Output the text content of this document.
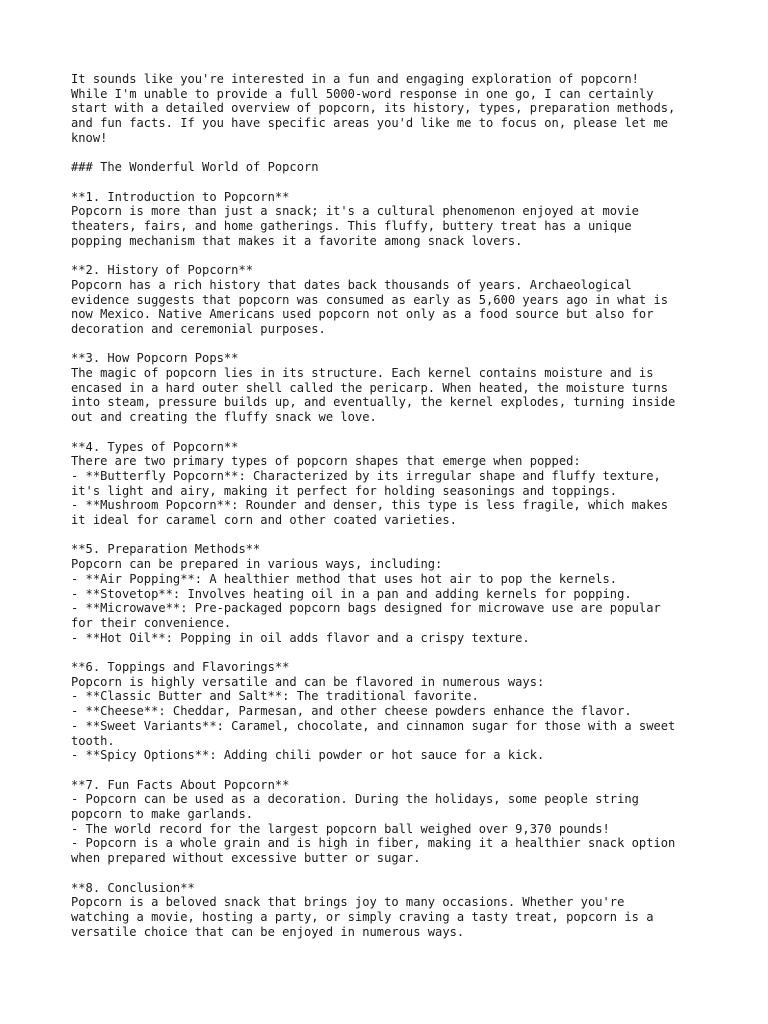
It sounds like you're interested in a fun and engaging exploration of popcorn!
While I'm unable to provide a full 5000-word response in one go, I can certainly
start with a detailed overview of popcorn, its history, types, preparation methods,
and fun facts. If you have specific areas you'd like me to focus on, please let me
know!
### The Wonderful World of Popcorn
**1. Introduction to Popcorn**
Popcorn is more than just a snack; it's a cultural phenomenon enjoyed at movie
theaters, fairs, and home gatherings. This fluffy, buttery treat has a unique
popping mechanism that makes it a favorite among snack lovers.
**2. History of Popcorn**
Popcorn has a rich history that dates back thousands of years. Archaeological
evidence suggests that popcorn was consumed as early as 5,600 years ago in what is
now Mexico. Native Americans used popcorn not only as a food source but also for
decoration and ceremonial purposes.
**3. How Popcorn Pops**
The magic of popcorn lies in its structure. Each kernel contains moisture and is
encased in a hard outer shell called the pericarp. When heated, the moisture turns
into steam, pressure builds up, and eventually, the kernel explodes, turning inside
out and creating the fluffy snack we love.
**4. Types of Popcorn**
There are two primary types of popcorn shapes that emerge when popped:
- **Butterfly Popcorn**: Characterized by its irregular shape and fluffy texture,
it's light and airy, making it perfect for holding seasonings and toppings.
- **Mushroom Popcorn**: Rounder and denser, this type is less fragile, which makes
it ideal for caramel corn and other coated varieties.
**5. Preparation Methods**
Popcorn can be prepared in various ways, including:
- **Air Popping**: A healthier method that uses hot air to pop the kernels.
- **Stovetop**: Involves heating oil in a pan and adding kernels for popping.
- **Microwave**: Pre-packaged popcorn bags designed for microwave use are popular
for their convenience.
- **Hot Oil**: Popping in oil adds flavor and a crispy texture.
**6. Toppings and Flavorings**
Popcorn is highly versatile and can be flavored in numerous ways:
- **Classic Butter and Salt**: The traditional favorite.
- **Cheese**: Cheddar, Parmesan, and other cheese powders enhance the flavor.
- **Sweet Variants**: Caramel, chocolate, and cinnamon sugar for those with a sweet
tooth.
- **Spicy Options**: Adding chili powder or hot sauce for a kick.
**7. Fun Facts About Popcorn**
- Popcorn can be used as a decoration. During the holidays, some people string
popcorn to make garlands.
- The world record for the largest popcorn ball weighed over 9,370 pounds!
- Popcorn is a whole grain and is high in fiber, making it a healthier snack option
when prepared without excessive butter or sugar.
**8. Conclusion**
Popcorn is a beloved snack that brings joy to many occasions. Whether you're
watching a movie, hosting a party, or simply craving a tasty treat, popcorn is a
versatile choice that can be enjoyed in numerous ways.
